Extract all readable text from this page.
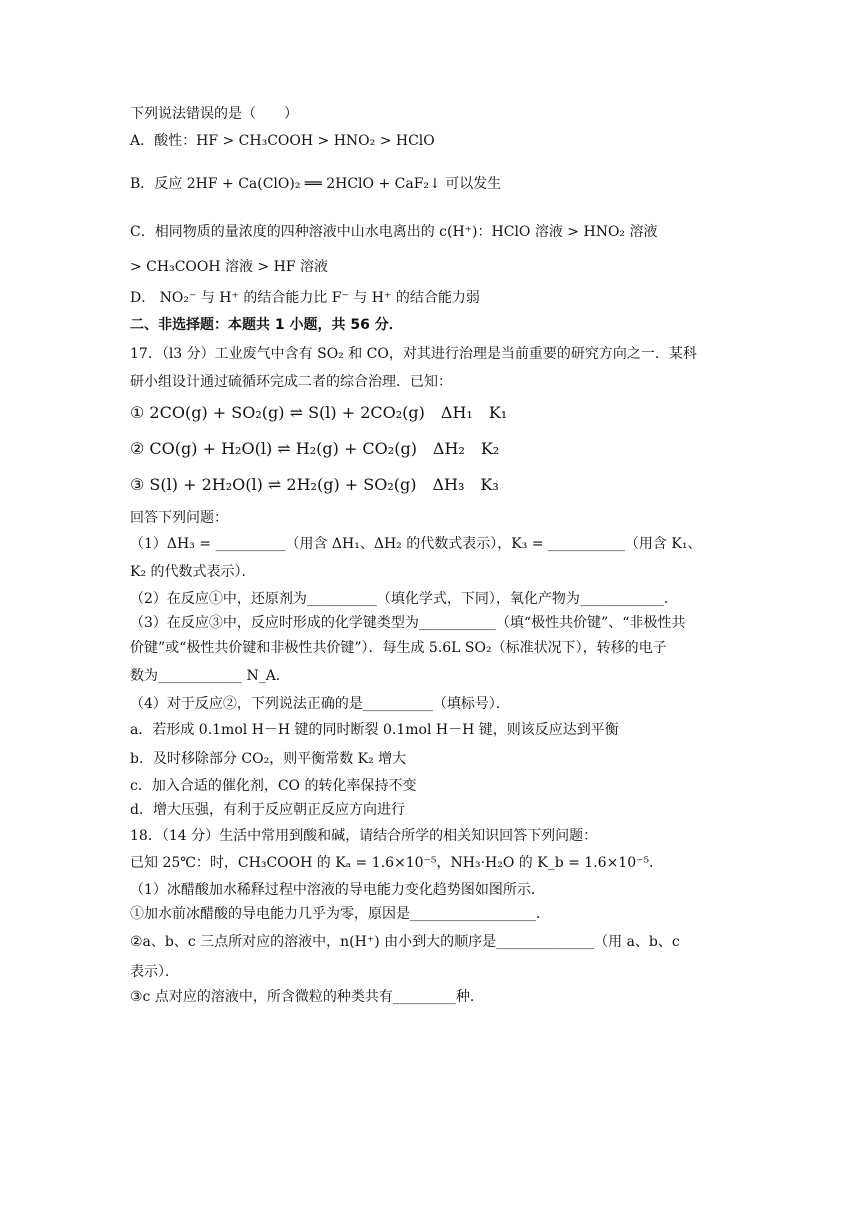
下列说法错误的是（　　）
A．酸性：HF > CH₃COOH > HNO₂ > HClO
B．反应 2HF + Ca(ClO)₂ ══ 2HClO + CaF₂↓ 可以发生
C．相同物质的量浓度的四种溶液中山水电离出的 c(H⁺)：HClO 溶液 > HNO₂ 溶液
> CH₃COOH 溶液 > HF 溶液
D． NO₂⁻ 与 H⁺ 的结合能力比 F⁻ 与 H⁺ 的结合能力弱
二、非选择题：本题共 1 小题，共 56 分．
17．（l3 分）工业废气中含有 SO₂ 和 CO，对其进行治理是当前重要的研究方向之一．某科
研小组设计通过硫循环完成二者的综合治理．已知：
① 2CO(g) + SO₂(g) ⇌ S(l) + 2CO₂(g)　ΔH₁　K₁
② CO(g) + H₂O(l) ⇌ H₂(g) + CO₂(g)　ΔH₂　K₂
③ S(l) + 2H₂O(l) ⇌ 2H₂(g) + SO₂(g)　ΔH₃　K₃
回答下列问题：
（1）ΔH₃ = __________（用含 ΔH₁、ΔH₂ 的代数式表示），K₃ = ___________（用含 K₁、
K₂ 的代数式表示）．
（2）在反应①中，还原剂为__________（填化学式，下同），氧化产物为____________．
（3）在反应③中，反应时形成的化学键类型为___________（填“极性共价键”、“非极性共
价键”或“极性共价键和非极性共价键”）．每生成 5.6L SO₂（标准状况下），转移的电子
数为____________ N_A．
（4）对于反应②，下列说法正确的是__________（填标号）．
a．若形成 0.1mol H－H 键的同时断裂 0.1mol H－H 键，则该反应达到平衡
b．及时移除部分 CO₂，则平衡常数 K₂ 增大
c．加入合适的催化剂，CO 的转化率保持不变
d．增大压强，有利于反应朝正反应方向进行
18．（14 分）生活中常用到酸和碱，请结合所学的相关知识回答下列问题：
已知 25℃：时，CH₃COOH 的 Kₐ = 1.6×10⁻⁵，NH₃·H₂O 的 K_b = 1.6×10⁻⁵．
（1）冰醋酸加水稀释过程中溶液的导电能力变化趋势图如图所示．
①加水前冰醋酸的导电能力几乎为零，原因是__________________．
②a、b、c 三点所对应的溶液中，n(H⁺) 由小到大的顺序是______________（用 a、b、c
表示）．
③c 点对应的溶液中，所含微粒的种类共有_________种．
